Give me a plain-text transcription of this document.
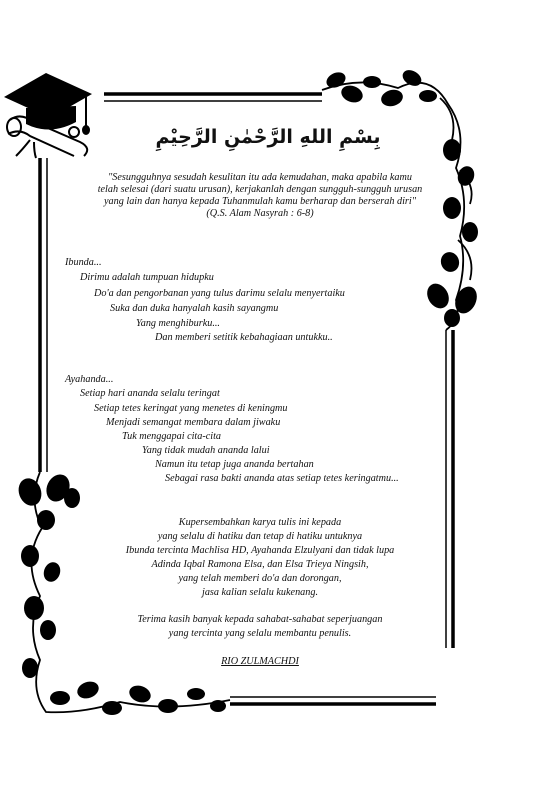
بِسْمِ اللهِ الرَّحْمٰنِ الرَّحِيْمِ
"Sesungguhnya sesudah kesulitan itu ada kemudahan, maka apabila kamu
telah selesai (dari suatu urusan), kerjakanlah dengan sungguh-sungguh urusan
yang lain dan hanya kepada Tuhanmulah kamu berharap dan berserah diri"
(Q.S. Alam Nasyrah : 6-8)
Ibunda...
Dirimu adalah tumpuan hidupku
Do'a dan pengorbanan yang tulus darimu selalu menyertaiku
Suka dan duka hanyalah kasih sayangmu
Yang menghiburku...
Dan memberi setitik kebahagiaan untukku..
Ayahanda...
Setiap hari ananda selalu teringat
Setiap tetes keringat yang menetes di keningmu
Menjadi semangat membara dalam jiwaku
Tuk menggapai cita-cita
Yang tidak mudah ananda lalui
Namun itu tetap juga ananda bertahan
Sebagai rasa bakti ananda atas setiap tetes keringatmu...
Kupersembahkan karya tulis ini kepada
yang selalu di hatiku dan tetap di hatiku untuknya
Ibunda tercinta Machlisa HD, Ayahanda Elzulyani dan tidak lupa
Adinda Iqbal Ramona Elsa, dan Elsa Trieya Ningsih,
yang telah memberi do'a dan dorongan,
jasa kalian selalu kukenang.
Terima kasih banyak kepada sahabat-sahabat seperjuangan
yang tercinta yang selalu membantu penulis.
RIO ZULMACHDI
